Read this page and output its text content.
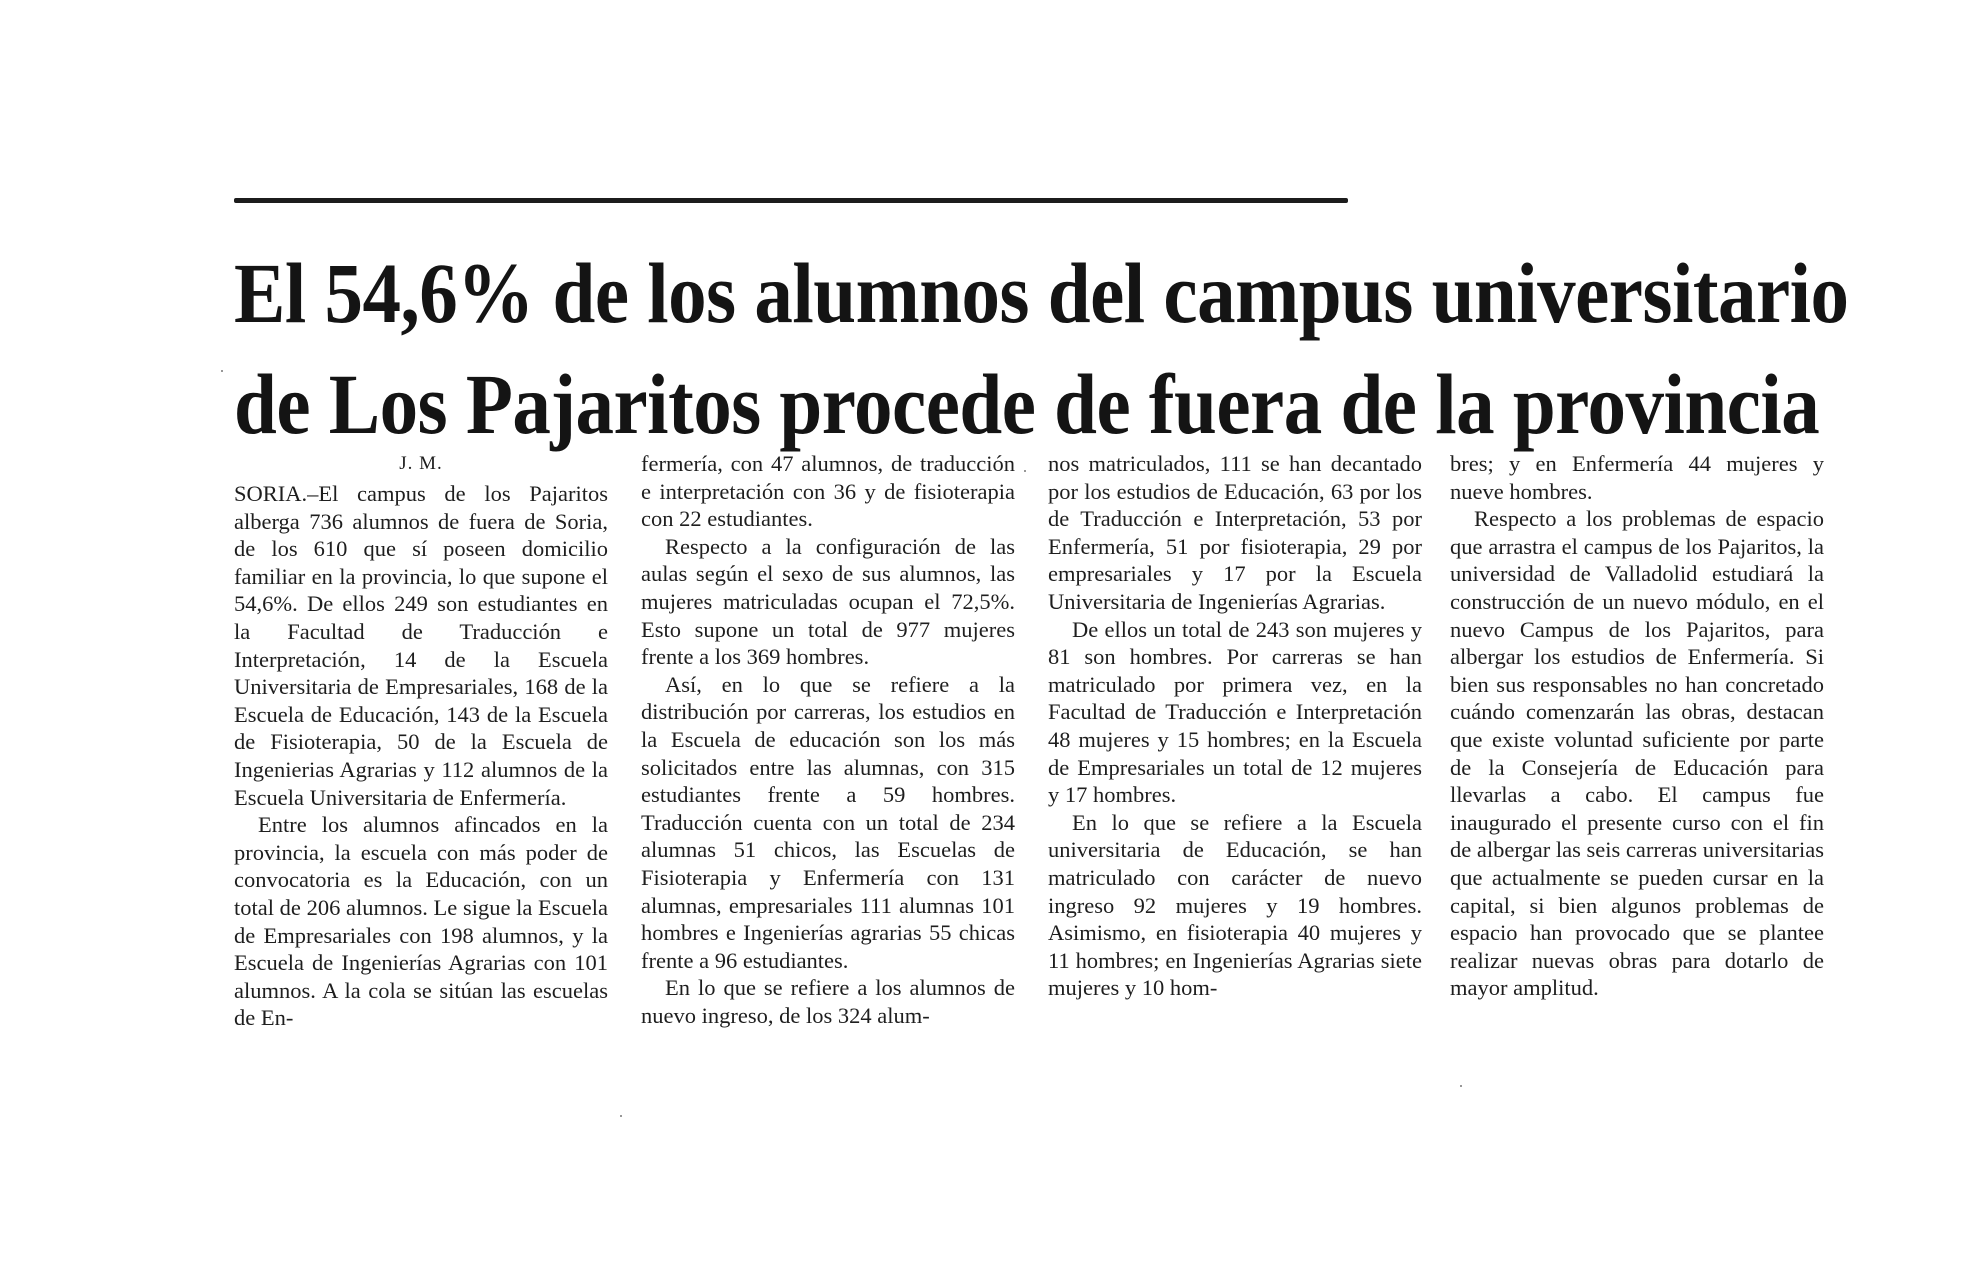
El 54,6% de los alumnos del campus universitario
de Los Pajaritos procede de fuera de la provincia
J. M.

SORIA.–El campus de los Pajaritos alberga 736 alumnos de fuera de Soria, de los 610 que sí poseen domicilio familiar en la provincia, lo que supone el 54,6%. De ellos 249 son estudiantes en la Facultad de Traducción e Interpretación, 14 de la Escuela Universitaria de Empresariales, 168 de la Escuela de Educación, 143 de la Escuela de Fisioterapia, 50 de la Escuela de Ingenierias Agrarias y 112 alumnos de la Escuela Universitaria de Enfermería.

Entre los alumnos afincados en la provincia, la escuela con más poder de convocatoria es la Educación, con un total de 206 alumnos. Le sigue la Escuela de Empresariales con 198 alumnos, y la Escuela de Ingenierías Agrarias con 101 alumnos. A la cola se sitúan las escuelas de En-

fermería, con 47 alumnos, de traducción e interpretación con 36 y de fisioterapia con 22 estudiantes.

Respecto a la configuración de las aulas según el sexo de sus alumnos, las mujeres matriculadas ocupan el 72,5%. Esto supone un total de 977 mujeres frente a los 369 hombres.

Así, en lo que se refiere a la distribución por carreras, los estudios en la Escuela de educación son los más solicitados entre las alumnas, con 315 estudiantes frente a 59 hombres. Traducción cuenta con un total de 234 alumnas 51 chicos, las Escuelas de Fisioterapia y Enfermería con 131 alumnas, empresariales 111 alumnas 101 hombres e Ingenierías agrarias 55 chicas frente a 96 estudiantes.

En lo que se refiere a los alumnos de nuevo ingreso, de los 324 alum-

nos matriculados, 111 se han decantado por los estudios de Educación, 63 por los de Traducción e Interpretación, 53 por Enfermería, 51 por fisioterapia, 29 por empresariales y 17 por la Escuela Universitaria de Ingenierías Agrarias.

De ellos un total de 243 son mujeres y 81 son hombres. Por carreras se han matriculado por primera vez, en la Facultad de Traducción e Interpretación 48 mujeres y 15 hombres; en la Escuela de Empresariales un total de 12 mujeres y 17 hombres.

En lo que se refiere a la Escuela universitaria de Educación, se han matriculado con carácter de nuevo ingreso 92 mujeres y 19 hombres. Asimismo, en fisioterapia 40 mujeres y 11 hombres; en Ingenierías Agrarias siete mujeres y 10 hom-

bres; y en Enfermería 44 mujeres y nueve hombres.

Respecto a los problemas de espacio que arrastra el campus de los Pajaritos, la universidad de Valladolid estudiará la construcción de un nuevo módulo, en el nuevo Campus de los Pajaritos, para albergar los estudios de Enfermería. Si bien sus responsables no han concretado cuándo comenzarán las obras, destacan que existe voluntad suficiente por parte de la Consejería de Educación para llevarlas a cabo. El campus fue inaugurado el presente curso con el fin de albergar las seis carreras universitarias que actualmente se pueden cursar en la capital, si bien algunos problemas de espacio han provocado que se plantee realizar nuevas obras para dotarlo de mayor amplitud.
